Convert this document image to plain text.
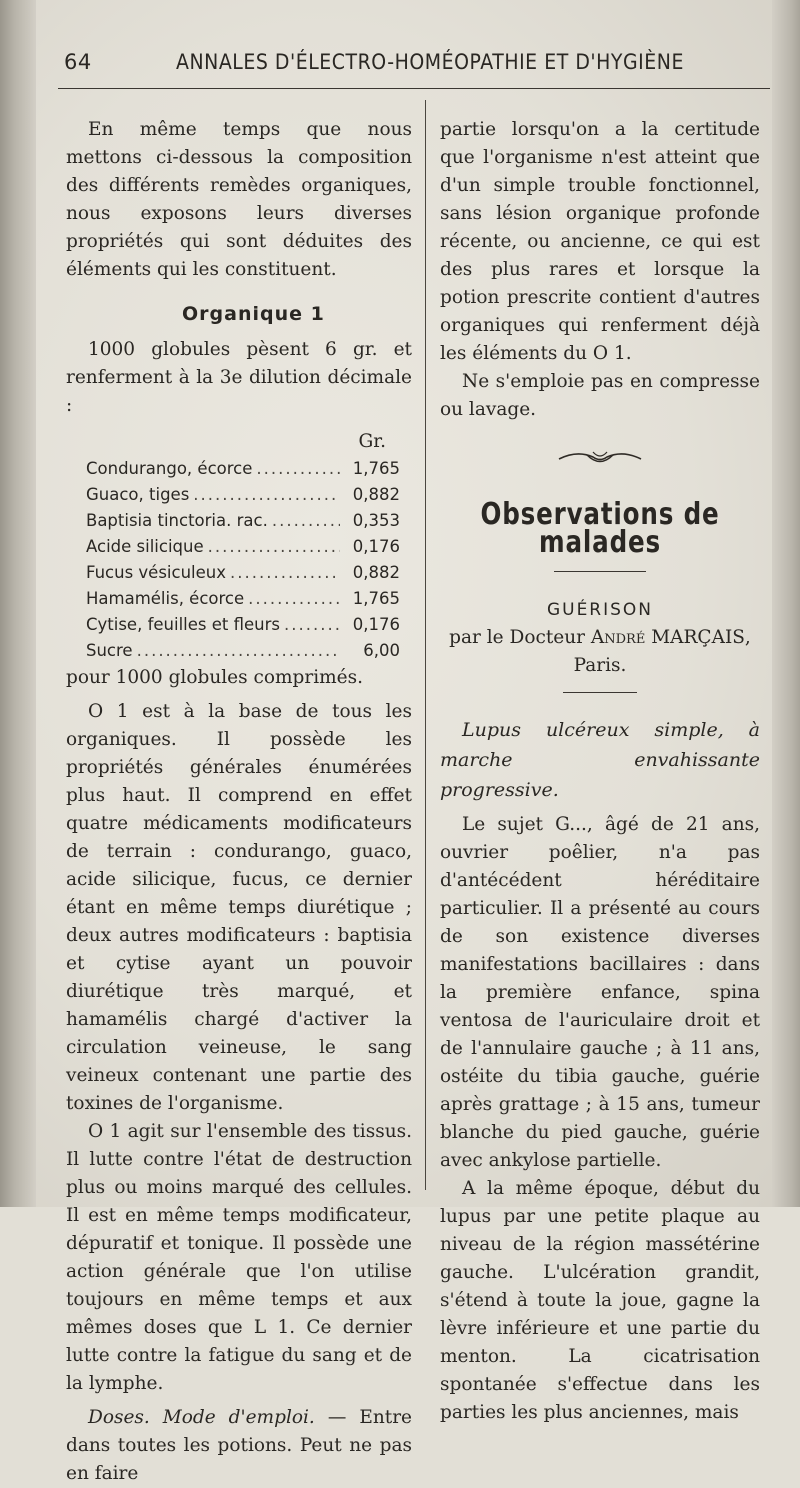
64	ANNALES D'ÉLECTRO-HOMÉOPATHIE ET D'HYGIÈNE

En même temps que nous mettons ci-dessous la composition des différents remèdes organiques, nous exposons leurs diverses propriétés qui sont déduites des éléments qui les constituent.

Organique 1

1000 globules pèsent 6 gr. et renferment à la 3e dilution décimale :

Gr.
Condurango, écorce .....	1,765
Guaco, tiges .....	0,882
Baptisia tinctoria. rac. .....	0,353
Acide silicique .....	0,176
Fucus vésiculeux .....	0,882
Hamamélis, écorce .....	1,765
Cytise, feuilles et fleurs .....	0,176
Sucre .....	6,00

pour 1000 globules comprimés.

O 1 est à la base de tous les organiques. Il possède les propriétés générales énumérées plus haut. Il comprend en effet quatre médicaments modificateurs de terrain : condurango, guaco, acide silicique, fucus, ce dernier étant en même temps diurétique ; deux autres modificateurs : baptisia et cytise ayant un pouvoir diurétique très marqué, et hamamélis chargé d'activer la circulation veineuse, le sang veineux contenant une partie des toxines de l'organisme.

O 1 agit sur l'ensemble des tissus. Il lutte contre l'état de destruction plus ou moins marqué des cellules. Il est en même temps modificateur, dépuratif et tonique. Il possède une action générale que l'on utilise toujours en même temps et aux mêmes doses que L 1. Ce dernier lutte contre la fatigue du sang et de la lymphe.

Doses. Mode d'emploi. — Entre dans toutes les potions. Peut ne pas en faire

partie lorsqu'on a la certitude que l'organisme n'est atteint que d'un simple trouble fonctionnel, sans lésion organique profonde récente, ou ancienne, ce qui est des plus rares et lorsque la potion prescrite contient d'autres organiques qui renferment déjà les éléments du O 1.

Ne s'emploie pas en compresse ou lavage.

Observations de malades

GUÉRISON

par le Docteur André MARÇAIS, Paris.

Lupus ulcéreux simple, à marche envahissante progressive.

Le sujet G..., âgé de 21 ans, ouvrier poêlier, n'a pas d'antécédent héréditaire particulier. Il a présenté au cours de son existence diverses manifestations bacillaires : dans la première enfance, spina ventosa de l'auriculaire droit et de l'annulaire gauche ; à 11 ans, ostéite du tibia gauche, guérie après grattage ; à 15 ans, tumeur blanche du pied gauche, guérie avec ankylose partielle.

A la même époque, début du lupus par une petite plaque au niveau de la région massétérine gauche. L'ulcération grandit, s'étend à toute la joue, gagne la lèvre inférieure et une partie du menton. La cicatrisation spontanée s'effectue dans les parties les plus anciennes, mais
